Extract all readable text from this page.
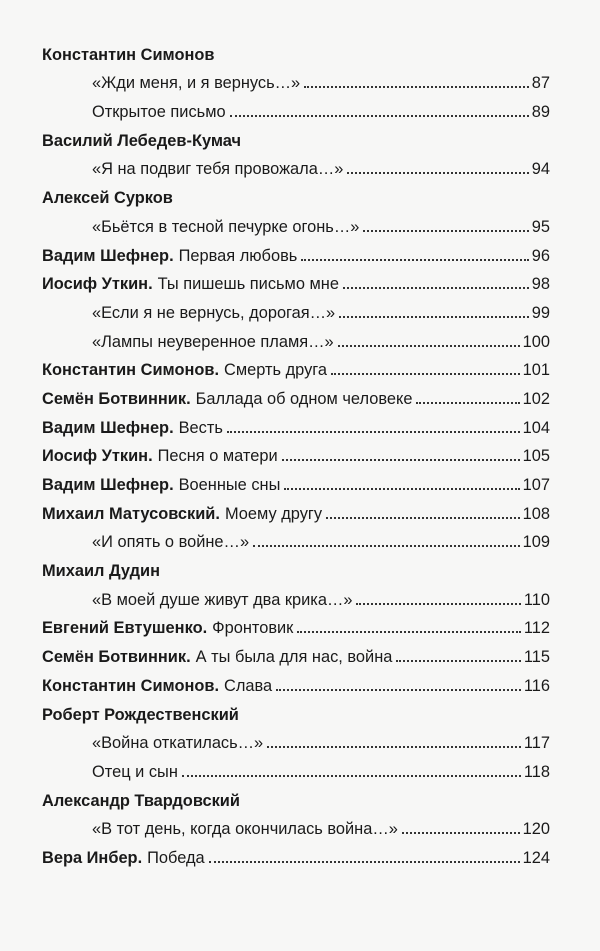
Константин Симонов
«Жди меня, и я вернусь…»	87
Открытое письмо	89
Василий Лебедев-Кумач
«Я на подвиг тебя провожала…»	94
Алексей Сурков
«Бьётся в тесной печурке огонь…»	95
Вадим Шефнер. Первая любовь	96
Иосиф Уткин. Ты пишешь письмо мне	98
«Если я не вернусь, дорогая…»	99
«Лампы неуверенное пламя…»	100
Константин Симонов. Смерть друга	101
Семён Ботвинник. Баллада об одном человеке	102
Вадим Шефнер. Весть	104
Иосиф Уткин. Песня о матери	105
Вадим Шефнер. Военные сны	107
Михаил Матусовский. Моему другу	108
«И опять о войне…»	109
Михаил Дудин
«В моей душе живут два крика…»	110
Евгений Евтушенко. Фронтовик	112
Семён Ботвинник. А ты была для нас, война	115
Константин Симонов. Слава	116
Роберт Рождественский
«Война откатилась…»	117
Отец и сын	118
Александр Твардовский
«В тот день, когда окончилась война…»	120
Вера Инбер. Победа	124
